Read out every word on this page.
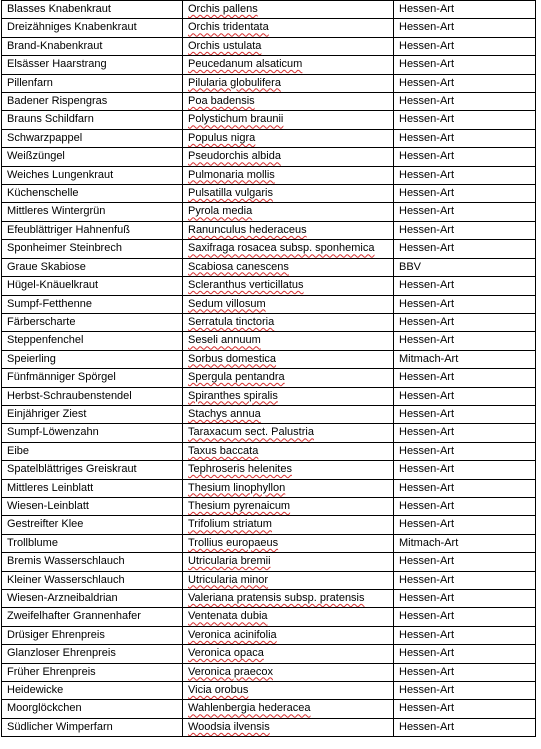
Blasses Knabenkraut	Orchis pallens	Hessen-Art
Dreizähniges Knabenkraut	Orchis tridentata	Hessen-Art
Brand-Knabenkraut	Orchis ustulata	Hessen-Art
Elsässer Haarstrang	Peucedanum alsaticum	Hessen-Art
Pillenfarn	Pilularia globulifera	Hessen-Art
Badener Rispengras	Poa badensis	Hessen-Art
Brauns Schildfarn	Polystichum braunii	Hessen-Art
Schwarzpappel	Populus nigra	Hessen-Art
Weißzüngel	Pseudorchis albida	Hessen-Art
Weiches Lungenkraut	Pulmonaria mollis	Hessen-Art
Küchenschelle	Pulsatilla vulgaris	Hessen-Art
Mittleres Wintergrün	Pyrola media	Hessen-Art
Efeublättriger Hahnenfuß	Ranunculus hederaceus	Hessen-Art
Sponheimer Steinbrech	Saxifraga rosacea subsp. sponhemica	Hessen-Art
Graue Skabiose	Scabiosa canescens	BBV
Hügel-Knäuelkraut	Scleranthus verticillatus	Hessen-Art
Sumpf-Fetthenne	Sedum villosum	Hessen-Art
Färberscharte	Serratula tinctoria	Hessen-Art
Steppenfenchel	Seseli annuum	Hessen-Art
Speierling	Sorbus domestica	Mitmach-Art
Fünfmänniger Spörgel	Spergula pentandra	Hessen-Art
Herbst-Schraubenstendel	Spiranthes spiralis	Hessen-Art
Einjähriger Ziest	Stachys annua	Hessen-Art
Sumpf-Löwenzahn	Taraxacum sect. Palustria	Hessen-Art
Eibe	Taxus baccata	Hessen-Art
Spatelblättriges Greiskraut	Tephroseris helenites	Hessen-Art
Mittleres Leinblatt	Thesium linophyllon	Hessen-Art
Wiesen-Leinblatt	Thesium pyrenaicum	Hessen-Art
Gestreifter Klee	Trifolium striatum	Hessen-Art
Trollblume	Trollius europaeus	Mitmach-Art
Bremis Wasserschlauch	Utricularia bremii	Hessen-Art
Kleiner Wasserschlauch	Utricularia minor	Hessen-Art
Wiesen-Arzneibaldrian	Valeriana pratensis subsp. pratensis	Hessen-Art
Zweifelhafter Grannenhafer	Ventenata dubia	Hessen-Art
Drüsiger Ehrenpreis	Veronica acinifolia	Hessen-Art
Glanzloser Ehrenpreis	Veronica opaca	Hessen-Art
Früher Ehrenpreis	Veronica praecox	Hessen-Art
Heidewicke	Vicia orobus	Hessen-Art
Moorglöckchen	Wahlenbergia hederacea	Hessen-Art
Südlicher Wimperfarn	Woodsia ilvensis	Hessen-Art
